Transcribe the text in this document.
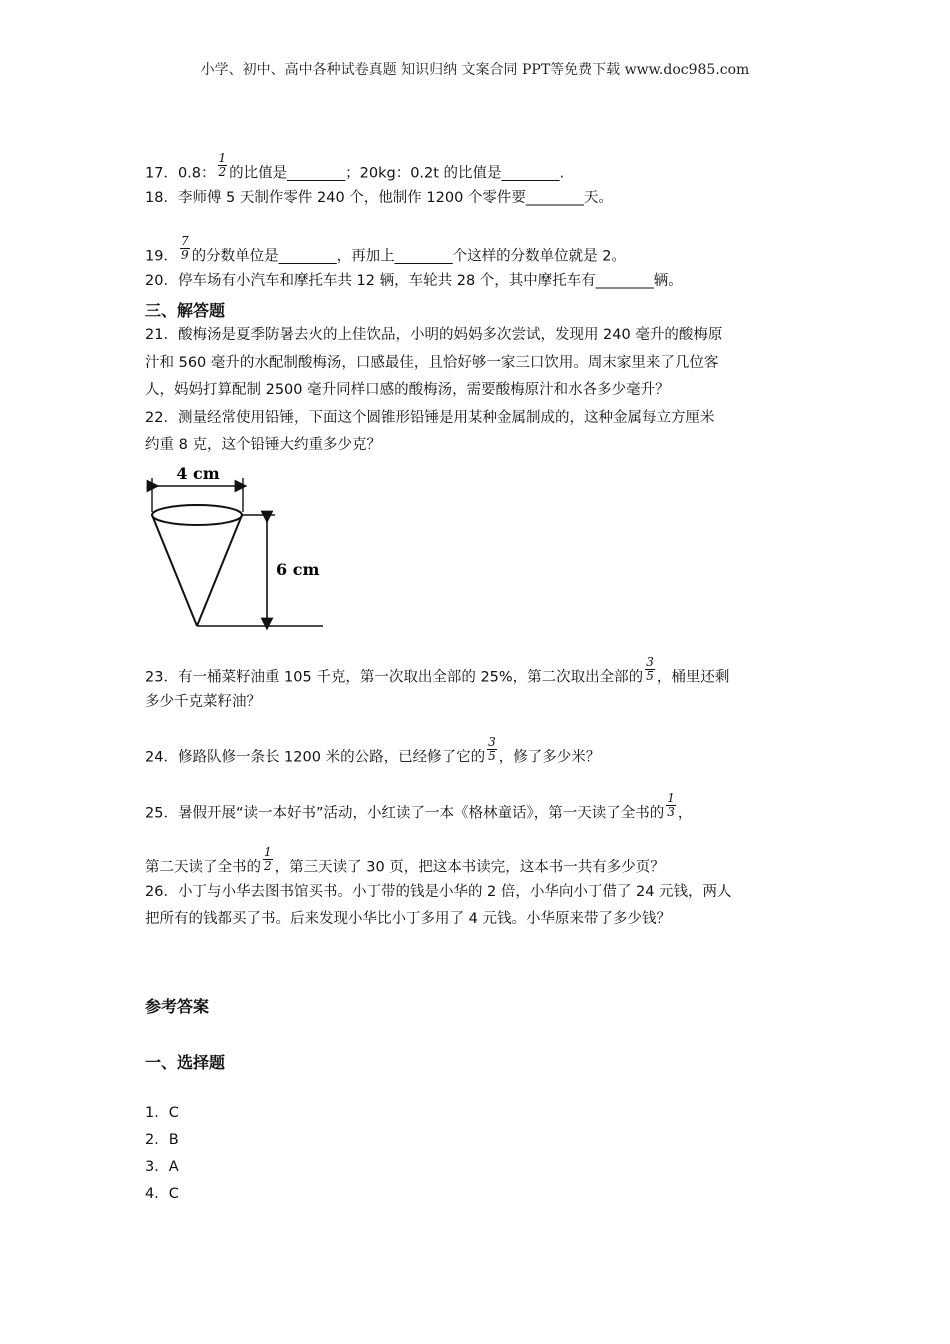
小学、初中、高中各种试卷真题 知识归纳 文案合同 PPT等免费下载 www.doc985.com
17．0.8： $\frac{1}{2}$ 的比值是________；20kg：0.2t 的比值是________.
18．李师傅 5 天制作零件 240 个，他制作 1200 个零件要________天。
19． $\frac{7}{9}$ 的分数单位是________，再加上________个这样的分数单位就是 2。
20．停车场有小汽车和摩托车共 12 辆，车轮共 28 个，其中摩托车有________辆。
三、解答题
21．酸梅汤是夏季防暑去火的上佳饮品，小明的妈妈多次尝试，发现用 240 毫升的酸梅原
汁和 560 毫升的水配制酸梅汤，口感最佳，且恰好够一家三口饮用。周末家里来了几位客
人，妈妈打算配制 2500 毫升同样口感的酸梅汤，需要酸梅原汁和水各多少毫升？
22．测量经常使用铅锤，下面这个圆锥形铅锤是用某种金属制成的，这种金属每立方厘米
约重 8 克，这个铅锤大约重多少克？
4 cm
6 cm
23．有一桶菜籽油重 105 千克，第一次取出全部的 25%，第二次取出全部的 $\frac{3}{5}$ ，桶里还剩
多少千克菜籽油？
24．修路队修一条长 1200 米的公路，已经修了它的 $\frac{3}{5}$ ，修了多少米？
25．暑假开展“读一本好书”活动，小红读了一本《格林童话》，第一天读了全书的 $\frac{1}{3}$ ，
第二天读了全书的 $\frac{1}{2}$ ，第三天读了 30 页，把这本书读完，这本书一共有多少页？
26．小丁与小华去图书馆买书。小丁带的钱是小华的 2 倍，小华向小丁借了 24 元钱，两人
把所有的钱都买了书。后来发现小华比小丁多用了 4 元钱。小华原来带了多少钱？
参考答案
一、选择题
1．C
2．B
3．A
4．C
